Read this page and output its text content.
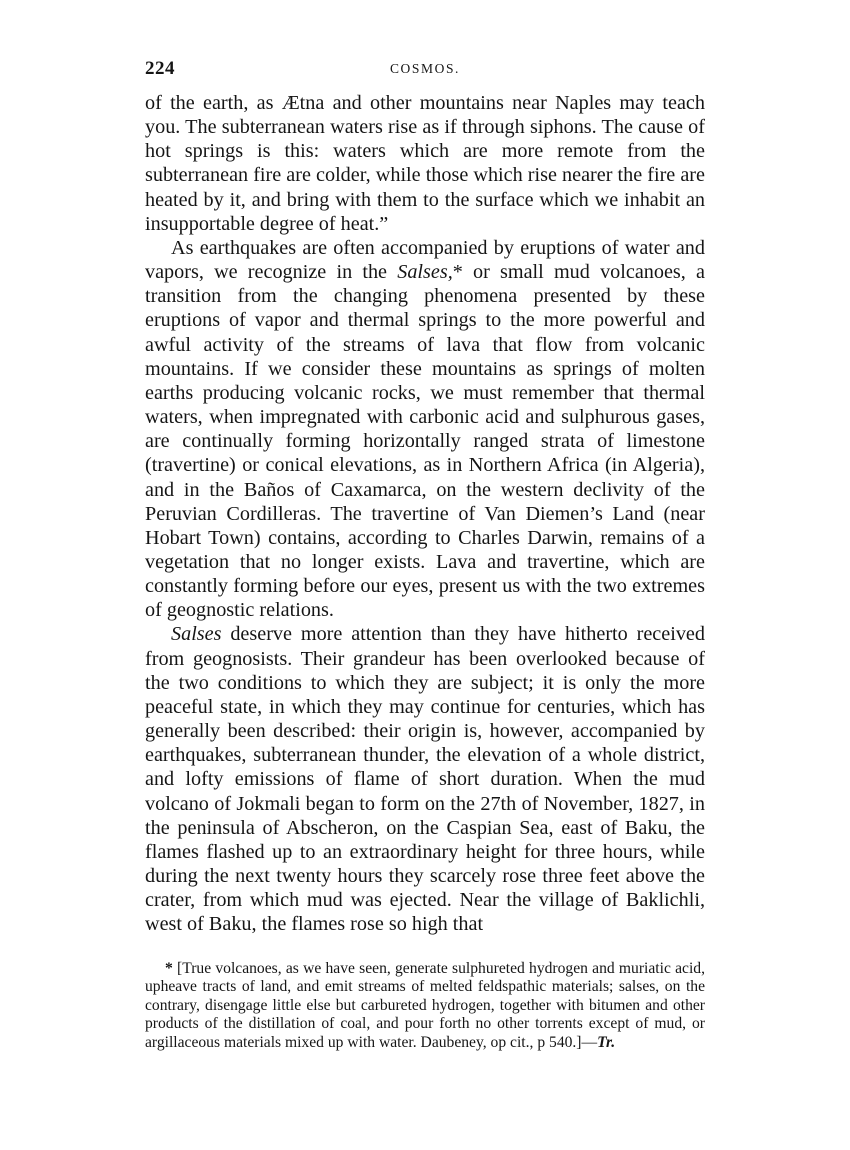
224	COSMOS.

of the earth, as Ætna and other mountains near Naples may teach you. The subterranean waters rise as if through siphons. The cause of hot springs is this: waters which are more remote from the subterranean fire are colder, while those which rise nearer the fire are heated by it, and bring with them to the surface which we inhabit an insupportable degree of heat.”

As earthquakes are often accompanied by eruptions of water and vapors, we recognize in the Salses,* or small mud volcanoes, a transition from the changing phenomena presented by these eruptions of vapor and thermal springs to the more powerful and awful activity of the streams of lava that flow from volcanic mountains. If we consider these mountains as springs of molten earths producing volcanic rocks, we must remember that thermal waters, when impregnated with carbonic acid and sulphurous gases, are continually forming horizontally ranged strata of limestone (travertine) or conical elevations, as in Northern Africa (in Algeria), and in the Baños of Caxamarca, on the western declivity of the Peruvian Cordilleras. The travertine of Van Diemen’s Land (near Hobart Town) contains, according to Charles Darwin, remains of a vegetation that no longer exists. Lava and travertine, which are constantly forming before our eyes, present us with the two extremes of geognostic relations.

Salses deserve more attention than they have hitherto received from geognosists. Their grandeur has been overlooked because of the two conditions to which they are subject; it is only the more peaceful state, in which they may continue for centuries, which has generally been described: their origin is, however, accompanied by earthquakes, subterranean thunder, the elevation of a whole district, and lofty emissions of flame of short duration. When the mud volcano of Jokmali began to form on the 27th of November, 1827, in the peninsula of Abscheron, on the Caspian Sea, east of Baku, the flames flashed up to an extraordinary height for three hours, while during the next twenty hours they scarcely rose three feet above the crater, from which mud was ejected. Near the village of Baklichli, west of Baku, the flames rose so high that

* [True volcanoes, as we have seen, generate sulphureted hydrogen and muriatic acid, upheave tracts of land, and emit streams of melted feldspathic materials; salses, on the contrary, disengage little else but carbureted hydrogen, together with bitumen and other products of the distillation of coal, and pour forth no other torrents except of mud, or argillaceous materials mixed up with water. Daubeney, op cit., p 540.]—Tr.
